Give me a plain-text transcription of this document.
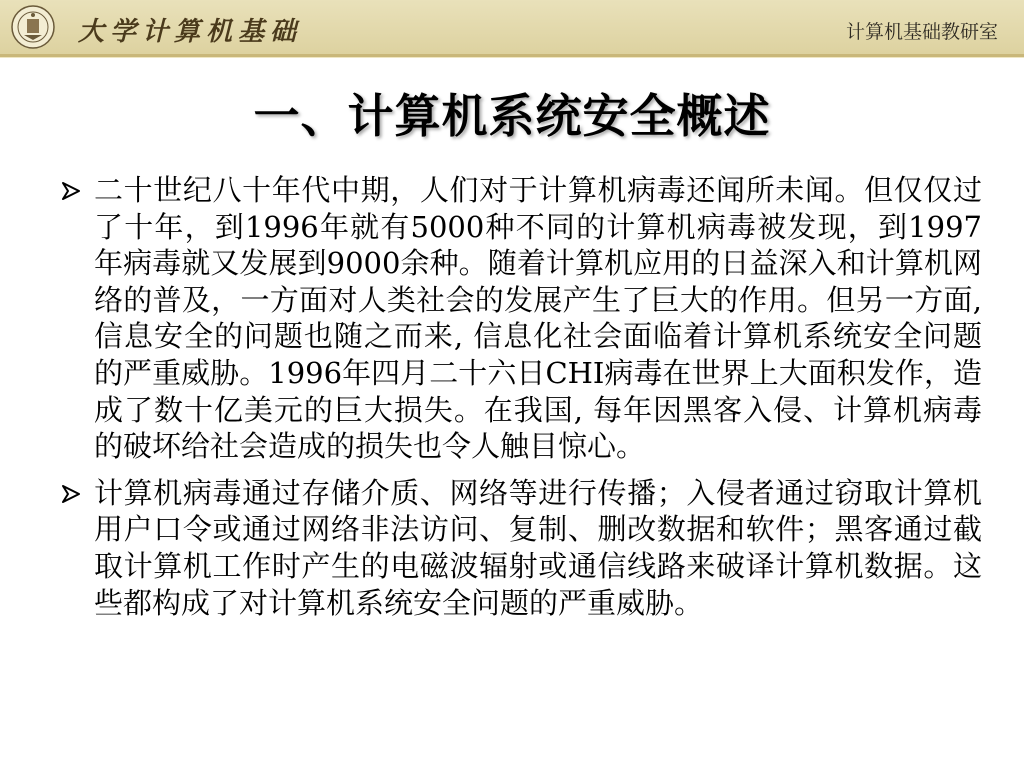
大学计算机基础	计算机基础教研室
一、计算机系统安全概述
二十世纪八十年代中期，人们对于计算机病毒还闻所未闻。但仅仅过了十年，到1996年就有5000种不同的计算机病毒被发现，到1997年病毒就又发展到9000余种。随着计算机应用的日益深入和计算机网络的普及，一方面对人类社会的发展产生了巨大的作用。但另一方面, 信息安全的问题也随之而来, 信息化社会面临着计算机系统安全问题的严重威胁。1996年四月二十六日CHI病毒在世界上大面积发作，造成了数十亿美元的巨大损失。在我国, 每年因黑客入侵、计算机病毒的破坏给社会造成的损失也令人触目惊心。
计算机病毒通过存储介质、网络等进行传播；入侵者通过窃取计算机用户口令或通过网络非法访问、复制、删改数据和软件；黑客通过截取计算机工作时产生的电磁波辐射或通信线路来破译计算机数据。这些都构成了对计算机系统安全问题的严重威胁。
